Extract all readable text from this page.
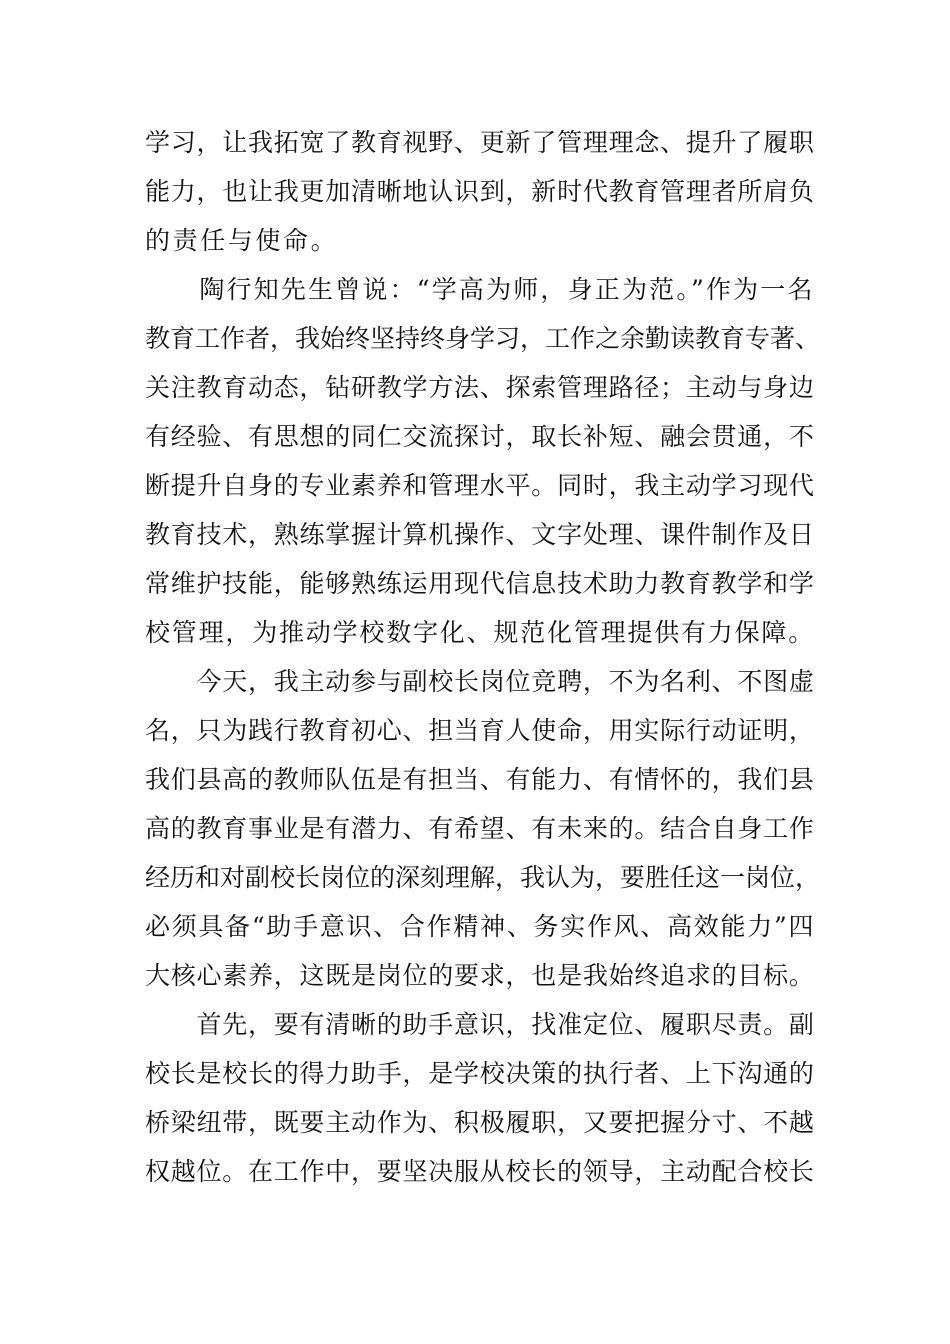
学习，让我拓宽了教育视野、更新了管理理念、提升了履职
能力，也让我更加清晰地认识到，新时代教育管理者所肩负
的责任与使命。
　　陶行知先生曾说：“学高为师，身正为范。”作为一名
教育工作者，我始终坚持终身学习，工作之余勤读教育专著、
关注教育动态，钻研教学方法、探索管理路径；主动与身边
有经验、有思想的同仁交流探讨，取长补短、融会贯通，不
断提升自身的专业素养和管理水平。同时，我主动学习现代
教育技术，熟练掌握计算机操作、文字处理、课件制作及日
常维护技能，能够熟练运用现代信息技术助力教育教学和学
校管理，为推动学校数字化、规范化管理提供有力保障。
　　今天，我主动参与副校长岗位竞聘，不为名利、不图虚
名，只为践行教育初心、担当育人使命，用实际行动证明，
我们县高的教师队伍是有担当、有能力、有情怀的，我们县
高的教育事业是有潜力、有希望、有未来的。结合自身工作
经历和对副校长岗位的深刻理解，我认为，要胜任这一岗位，
必须具备“助手意识、合作精神、务实作风、高效能力”四
大核心素养，这既是岗位的要求，也是我始终追求的目标。
　　首先，要有清晰的助手意识，找准定位、履职尽责。副
校长是校长的得力助手，是学校决策的执行者、上下沟通的
桥梁纽带，既要主动作为、积极履职，又要把握分寸、不越
权越位。在工作中，要坚决服从校长的领导，主动配合校长
